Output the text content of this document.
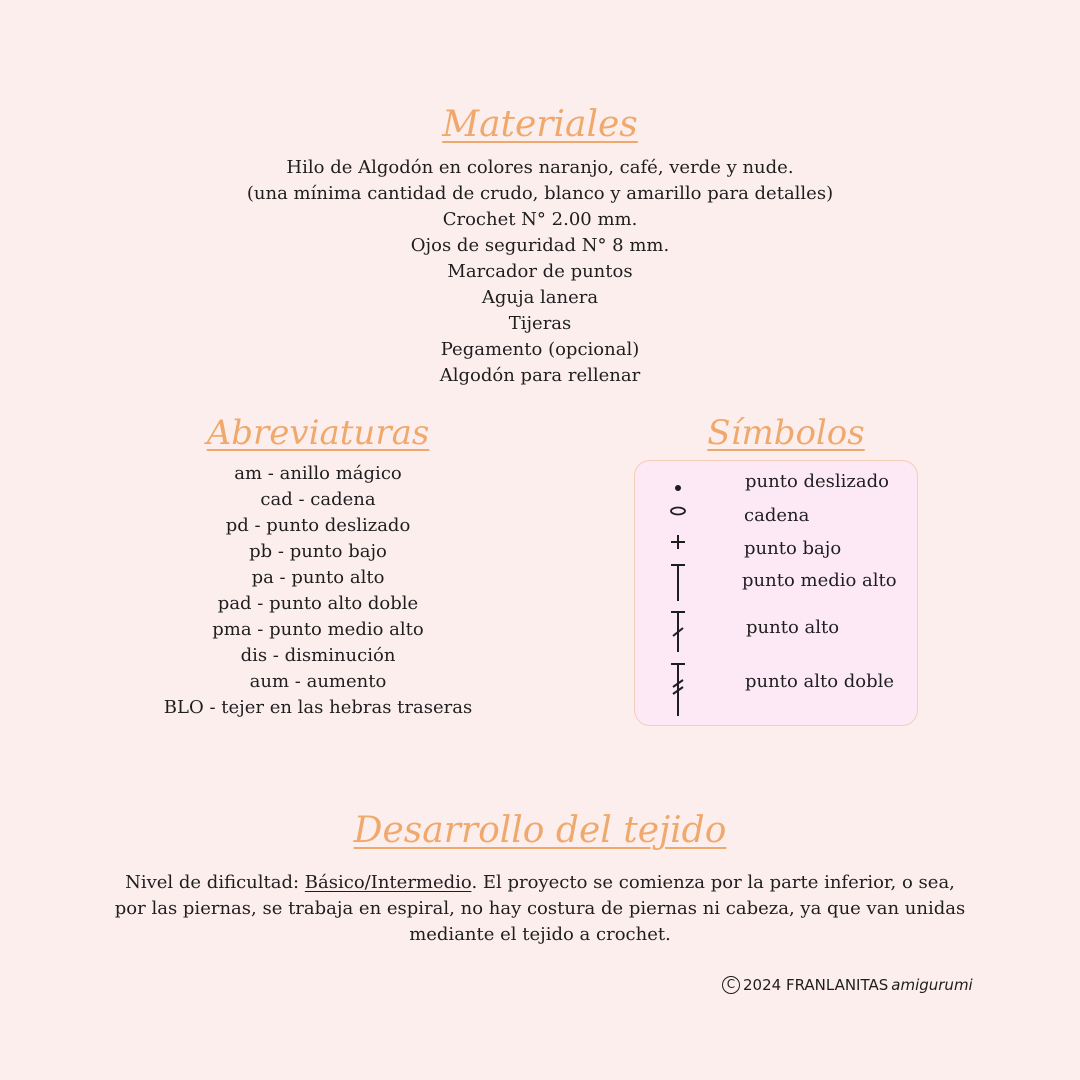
Materiales
Hilo de Algodón en colores naranjo, café, verde y nude.
(una mínima cantidad de crudo, blanco y amarillo para detalles)
Crochet N° 2.00 mm.
Ojos de seguridad N° 8 mm.
Marcador de puntos
Aguja lanera
Tijeras
Pegamento (opcional)
Algodón para rellenar
Abreviaturas
am - anillo mágico
cad - cadena
pd - punto deslizado
pb - punto bajo
pa - punto alto
pad - punto alto doble
pma - punto medio alto
dis - disminución
aum - aumento
BLO - tejer en las hebras traseras
Símbolos
punto deslizado
cadena
punto bajo
punto medio alto
punto alto
punto alto doble
Desarrollo del tejido
Nivel de dificultad: Básico/Intermedio. El proyecto se comienza por la parte inferior, o sea, por las piernas, se trabaja en espiral, no hay costura de piernas ni cabeza, ya que van unidas mediante el tejido a crochet.
C 2024 FRANLANITAS amigurumi
